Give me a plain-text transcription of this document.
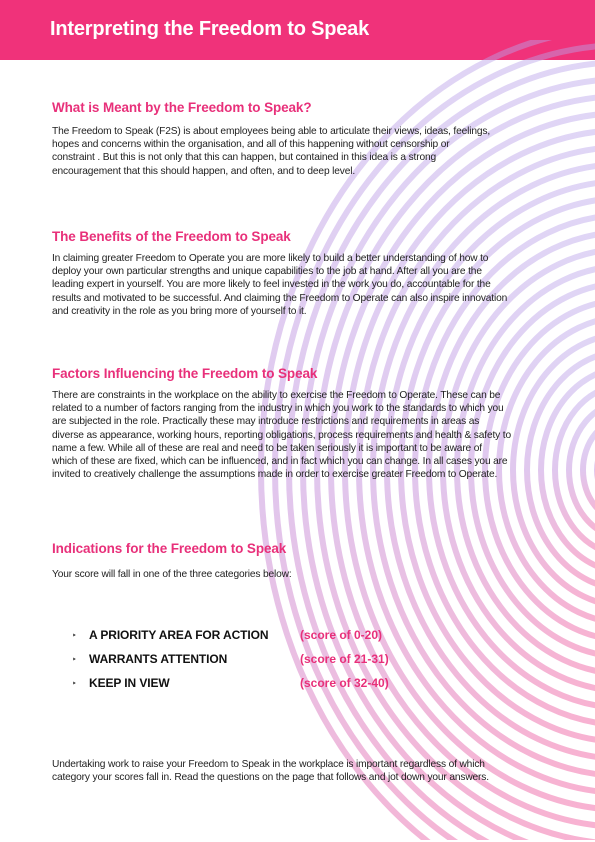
Interpreting the Freedom to Speak
What is Meant by the Freedom to Speak?
The Freedom to Speak (F2S) is about employees being able to articulate their views, ideas, feelings,
hopes and concerns within the organisation, and all of this happening without censorship or
constraint . But this is not only that this can happen, but contained in this idea is a strong
encouragement that this should happen, and often, and to deep level.
The Benefits of the Freedom to Speak
In claiming greater Freedom to Operate you are more likely to build a better understanding of how to
deploy your own particular strengths and unique capabilities to the job at hand. After all you are the
leading expert in yourself. You are more likely to feel invested in the work you do, accountable for the
results and motivated to be successful. And claiming the Freedom to Operate can also inspire innovation
and creativity in the role as you bring more of yourself to it.
Factors Influencing the Freedom to Speak
There are constraints in the workplace on the ability to exercise the Freedom to Operate. These can be
related to a number of factors ranging from the industry in which you work to the standards to which you
are subjected in the role. Practically these may introduce restrictions and requirements in areas as
diverse as appearance, working hours, reporting obligations, process requirements and health & safety to
name a few. While all of these are real and need to be taken seriously it is important to be aware of
which of these are fixed, which can be influenced, and in fact which you can change. In all cases you are
invited to creatively challenge the assumptions made in order to exercise greater Freedom to Operate.
Indications for the Freedom to Speak
Your score will fall in one of the three categories below:
‣ A PRIORITY AREA FOR ACTION	(score of 0-20)
‣ WARRANTS ATTENTION	(score of 21-31)
‣ KEEP IN VIEW	(score of 32-40)
Undertaking work to raise your Freedom to Speak in the workplace is important regardless of which
category your scores fall in. Read the questions on the page that follows and jot down your answers.
